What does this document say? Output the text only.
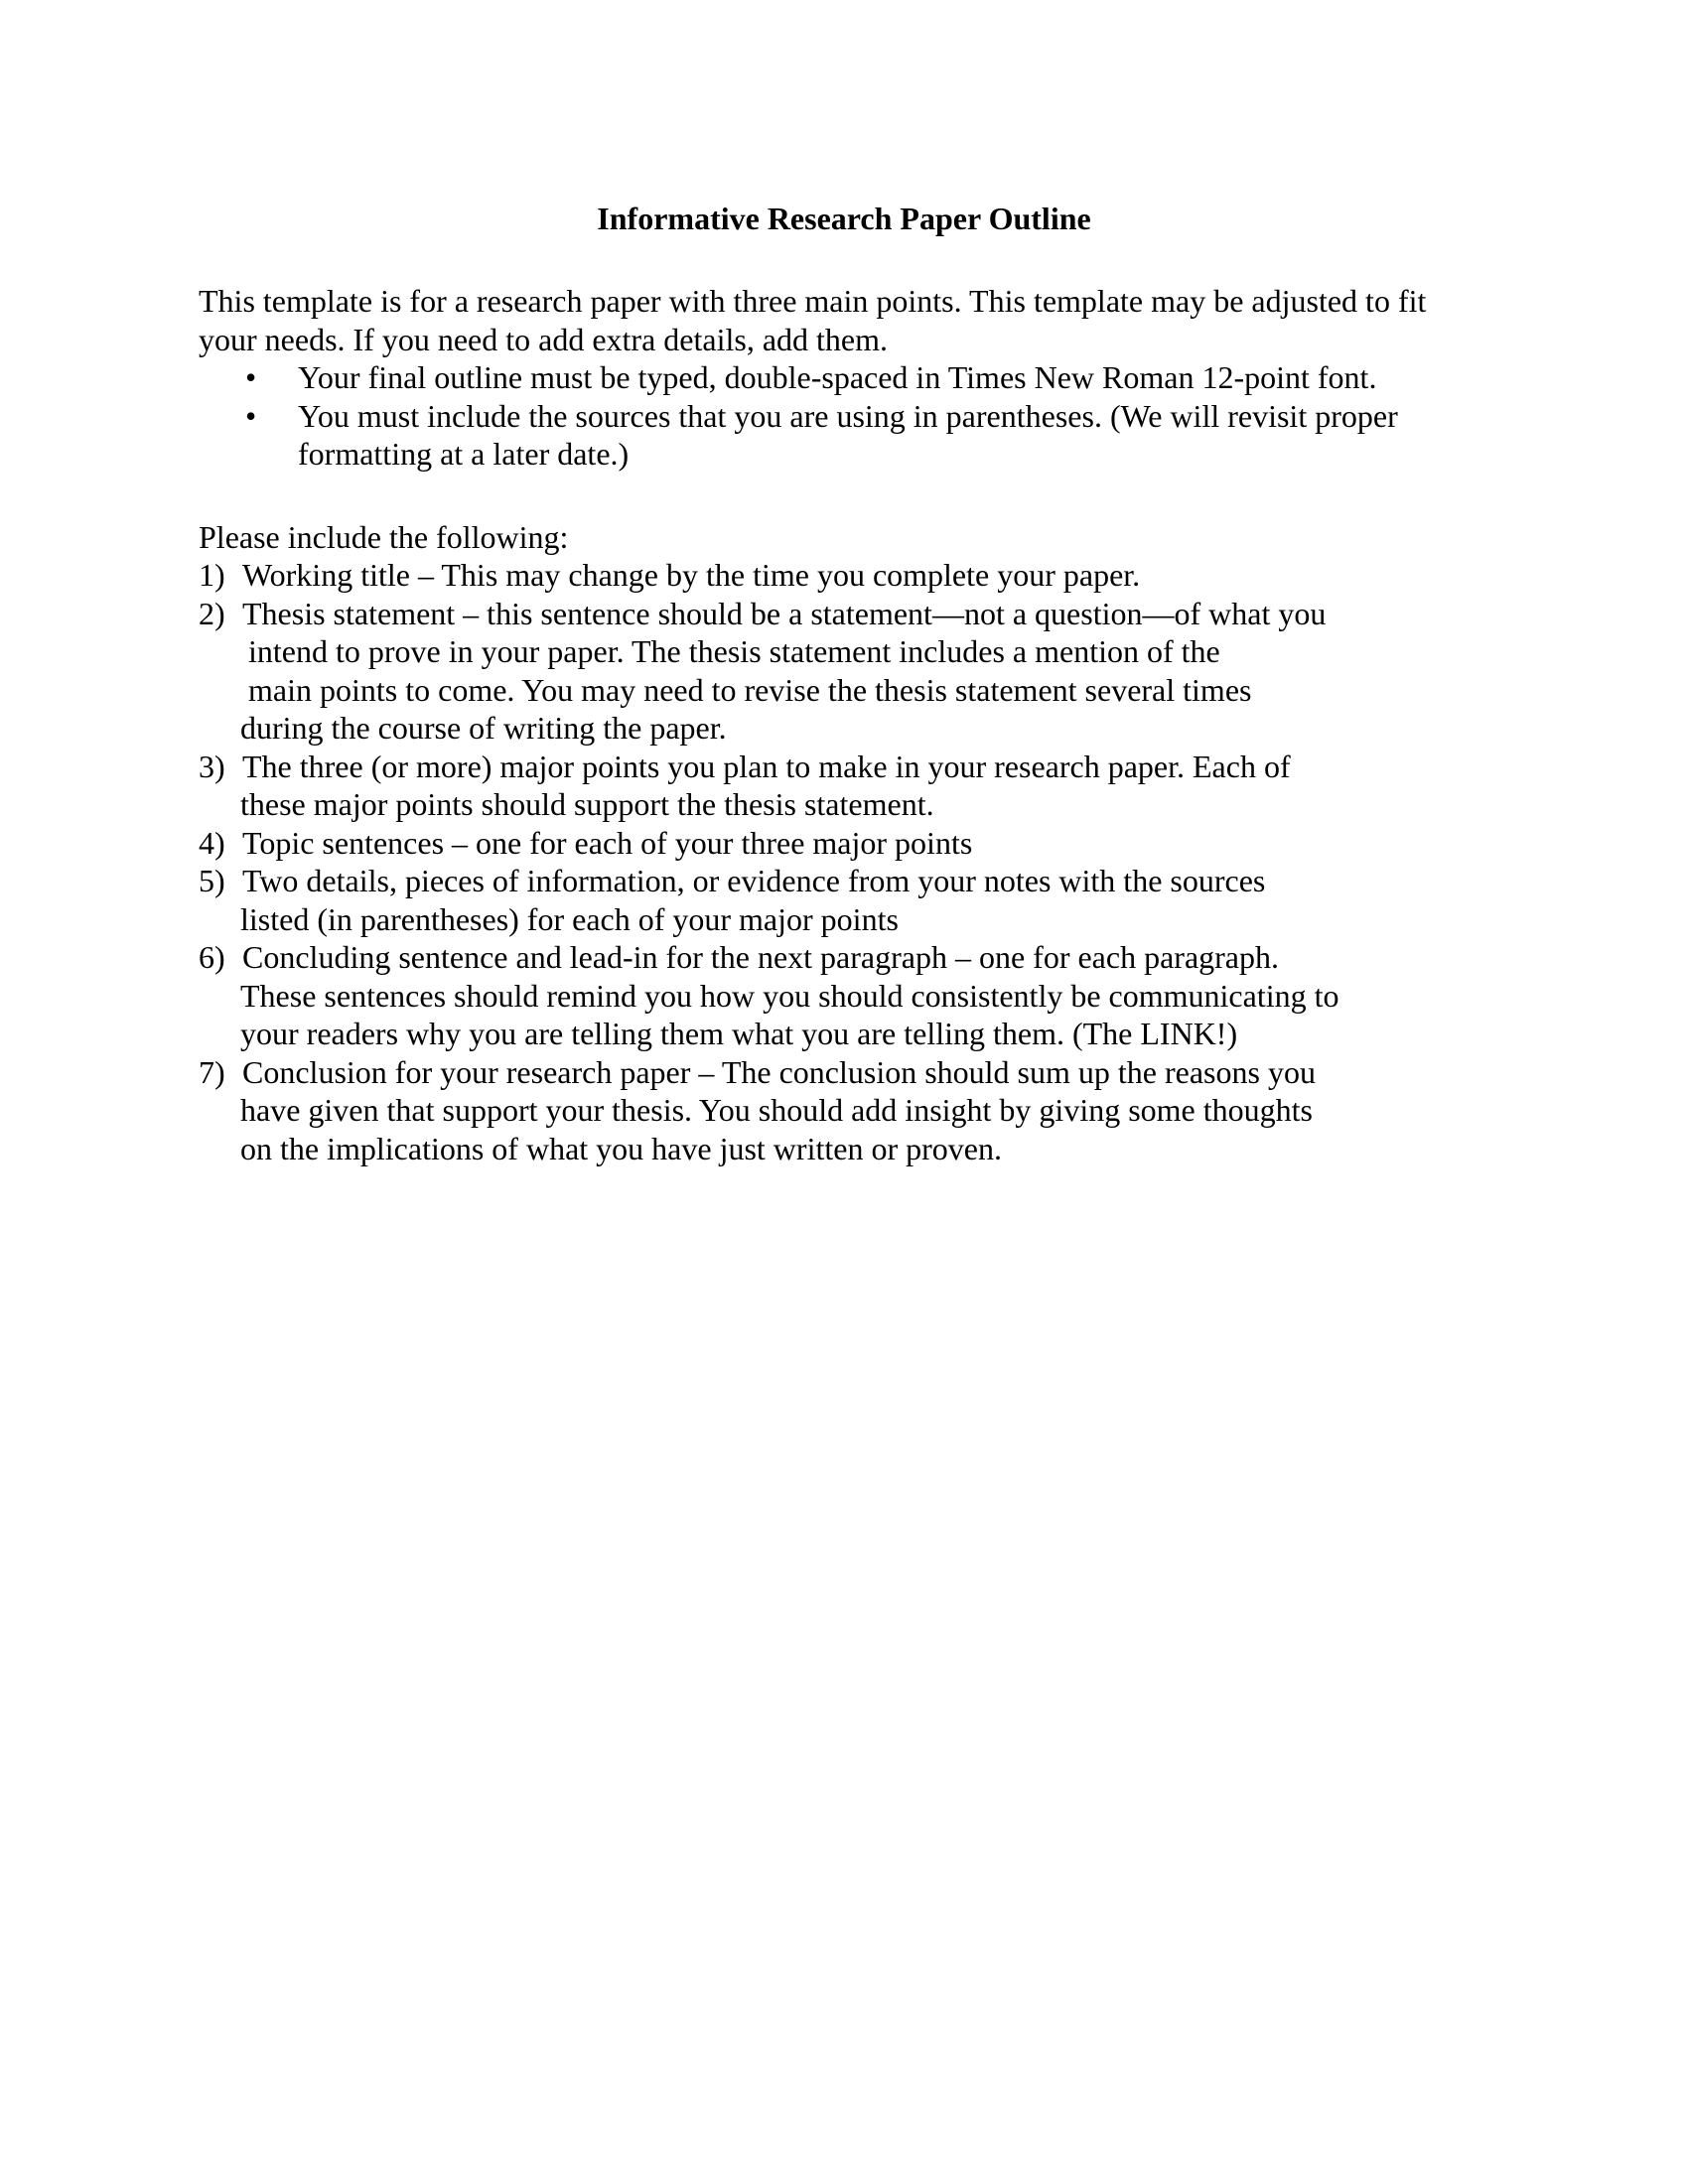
Informative Research Paper Outline
This template is for a research paper with three main points. This template may be adjusted to fit
your needs. If you need to add extra details, add them.
•	Your final outline must be typed, double-spaced in Times New Roman 12-point font.
•	You must include the sources that you are using in parentheses. (We will revisit proper
formatting at a later date.)
Please include the following:
1) Working title – This may change by the time you complete your paper.
2) Thesis statement – this sentence should be a statement—not a question—of what you
intend to prove in your paper. The thesis statement includes a mention of the
main points to come. You may need to revise the thesis statement several times
during the course of writing the paper.
3) The three (or more) major points you plan to make in your research paper. Each of
these major points should support the thesis statement.
4) Topic sentences – one for each of your three major points
5) Two details, pieces of information, or evidence from your notes with the sources
listed (in parentheses) for each of your major points
6) Concluding sentence and lead-in for the next paragraph – one for each paragraph.
These sentences should remind you how you should consistently be communicating to
your readers why you are telling them what you are telling them. (The LINK!)
7) Conclusion for your research paper – The conclusion should sum up the reasons you
have given that support your thesis. You should add insight by giving some thoughts
on the implications of what you have just written or proven.
